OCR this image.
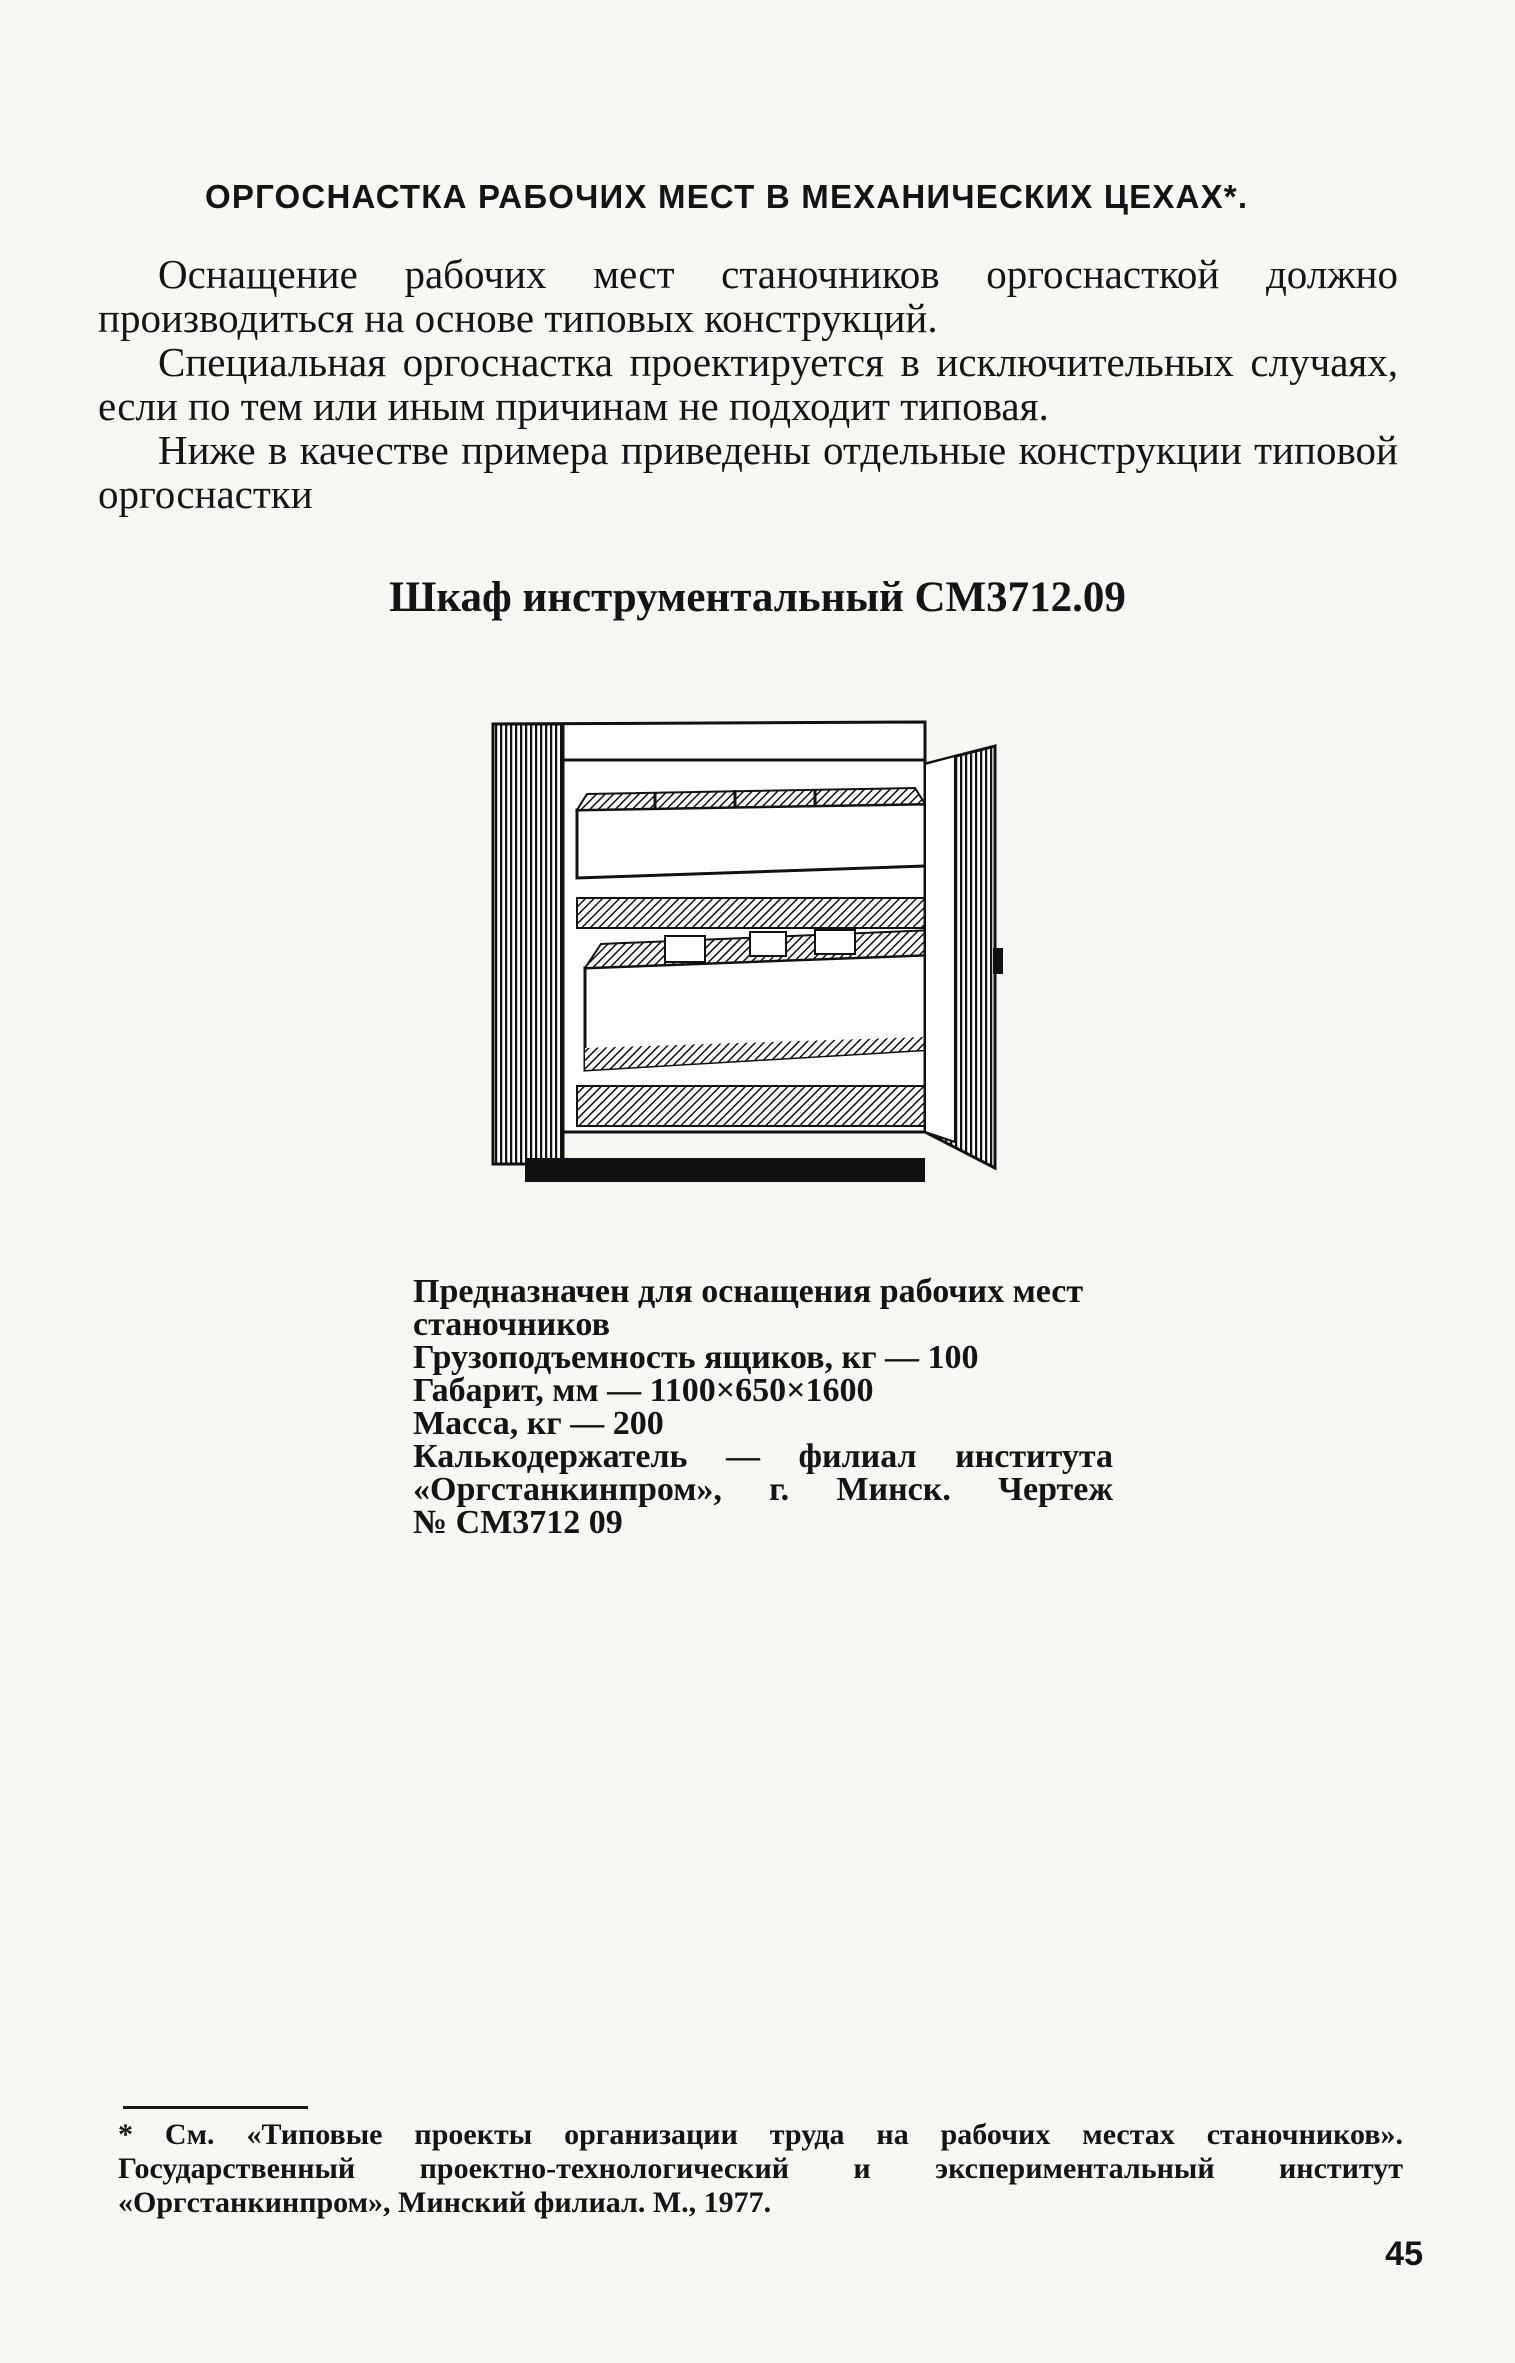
ОРГОСНАСТКА РАБОЧИХ МЕСТ В МЕХАНИЧЕСКИХ ЦЕХАХ*.

Оснащение рабочих мест станочников оргоснасткой должно производиться на основе типовых конструкций.

Специальная оргоснастка проектируется в исключительных случаях, если по тем или иным причинам не подходит типовая.

Ниже в качестве примера приведены отдельные конструкции типовой оргоснастки

Шкаф инструментальный СМ3712.09
Предназначен для оснащения рабочих мест станочников
Грузоподъемность ящиков, кг — 100
Габарит, мм — 1100×650×1600
Масса, кг — 200
Калькодержатель — филиал института
«Оргстанкинпром», г. Минск. Чертеж
№ СМ3712 09
* См. «Типовые проекты организации труда на рабочих местах станочников». Государственный проектно-технологический и экспериментальный институт «Оргстанкинпром», Минский филиал. М., 1977.
45
